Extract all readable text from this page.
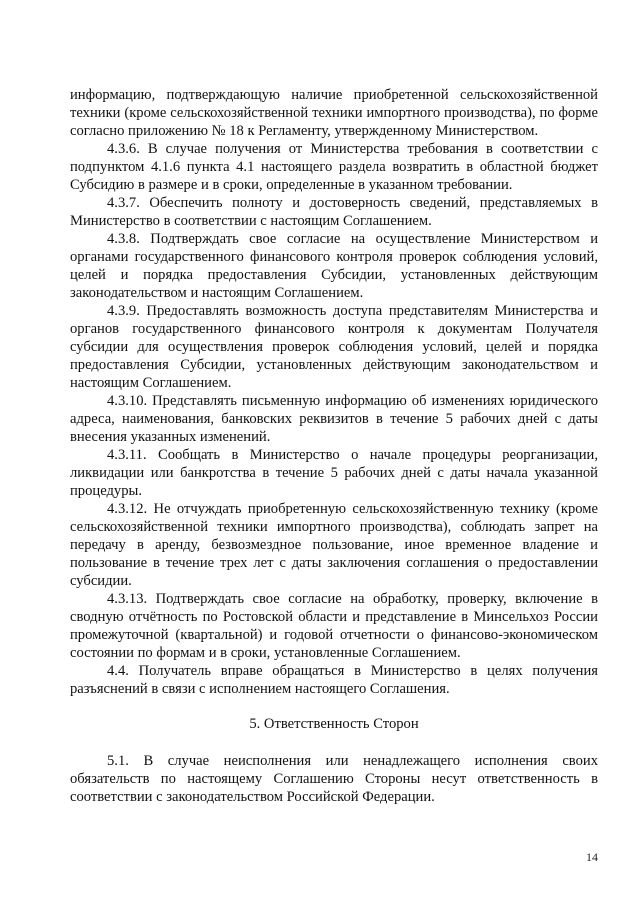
информацию, подтверждающую наличие приобретенной сельскохозяйственной техники (кроме сельскохозяйственной техники импортного производства), по форме согласно приложению № 18 к Регламенту, утвержденному Министерством.

4.3.6. В случае получения от Министерства требования в соответствии с подпунктом 4.1.6 пункта 4.1 настоящего раздела возвратить в областной бюджет Субсидию в размере и в сроки, определенные в указанном требовании.

4.3.7. Обеспечить полноту и достоверность сведений, представляемых в Министерство в соответствии с настоящим Соглашением.

4.3.8. Подтверждать свое согласие на осуществление Министерством и органами государственного финансового контроля проверок соблюдения условий, целей и порядка предоставления Субсидии, установленных действующим законодательством и настоящим Соглашением.

4.3.9. Предоставлять возможность доступа представителям Министерства и органов государственного финансового контроля к документам Получателя субсидии для осуществления проверок соблюдения условий, целей и порядка предоставления Субсидии, установленных действующим законодательством и настоящим Соглашением.

4.3.10. Представлять письменную информацию об изменениях юридического адреса, наименования, банковских реквизитов в течение 5 рабочих дней с даты внесения указанных изменений.

4.3.11. Сообщать в Министерство о начале процедуры реорганизации, ликвидации или банкротства в течение 5 рабочих дней с даты начала указанной процедуры.

4.3.12. Не отчуждать приобретенную сельскохозяйственную технику (кроме сельскохозяйственной техники импортного производства), соблюдать запрет на передачу в аренду, безвозмездное пользование, иное временное владение и пользование в течение трех лет с даты заключения соглашения о предоставлении субсидии.

4.3.13. Подтверждать свое согласие на обработку, проверку, включение в сводную отчётность по Ростовской области и представление в Минсельхоз России промежуточной (квартальной) и годовой отчетности о финансово-экономическом состоянии по формам и в сроки, установленные Соглашением.

4.4. Получатель вправе обращаться в Министерство в целях получения разъяснений в связи с исполнением настоящего Соглашения.

5. Ответственность Сторон

5.1. В случае неисполнения или ненадлежащего исполнения своих обязательств по настоящему Соглашению Стороны несут ответственность в соответствии с законодательством Российской Федерации.

14
